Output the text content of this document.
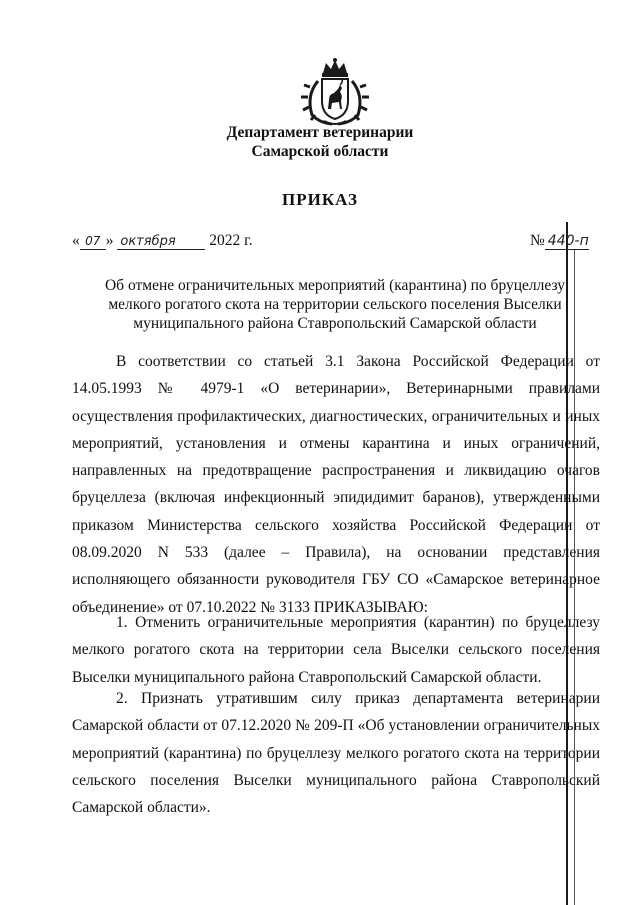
Департамент ветеринарии
Самарской области
ПРИКАЗ
« 07 » октября 2022 г.	№ 440-п
Об отмене ограничительных мероприятий (карантина) по бруцеллезу мелкого рогатого скота на территории сельского поселения Выселки муниципального района Ставропольский Самарской области
В соответствии со статьей 3.1 Закона Российской Федерации от 14.05.1993 № 4979-1 «О ветеринарии», Ветеринарными правилами осуществления профилактических, диагностических, ограничительных и иных мероприятий, установления и отмены карантина и иных ограничений, направленных на предотвращение распространения и ликвидацию очагов бруцеллеза (включая инфекционный эпидидимит баранов), утвержденными приказом Министерства сельского хозяйства Российской Федерации от 08.09.2020 N 533 (далее – Правила), на основании представления исполняющего обязанности руководителя ГБУ СО «Самарское ветеринарное объединение» от 07.10.2022 № 3133 ПРИКАЗЫВАЮ:
1. Отменить ограничительные мероприятия (карантин) по бруцеллезу мелкого рогатого скота на территории села Выселки сельского поселения Выселки муниципального района Ставропольский Самарской области.
2. Признать утратившим силу приказ департамента ветеринарии Самарской области от 07.12.2020 № 209-П «Об установлении ограничительных мероприятий (карантина) по бруцеллезу мелкого рогатого скота на территории сельского поселения Выселки муниципального района Ставропольский Самарской области».
